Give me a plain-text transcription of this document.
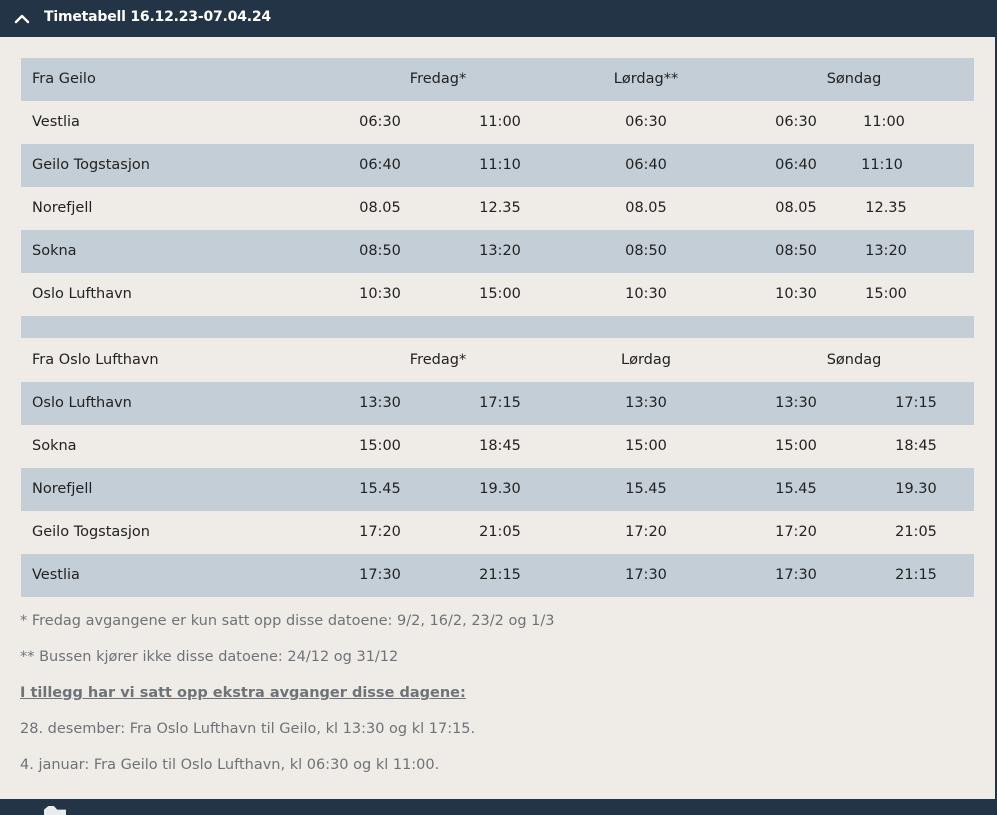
Timetabell 16.12.23-07.04.24
Fra Geilo	Fredag*	Lørdag**	Søndag
Vestlia	06:30	11:00	06:30	06:30	11:00
Geilo Togstasjon	06:40	11:10	06:40	06:40	11:10
Norefjell	08.05	12.35	08.05	08.05	12.35
Sokna	08:50	13:20	08:50	08:50	13:20
Oslo Lufthavn	10:30	15:00	10:30	10:30	15:00
Fra Oslo Lufthavn	Fredag*	Lørdag	Søndag
Oslo Lufthavn	13:30	17:15	13:30	13:30	17:15
Sokna	15:00	18:45	15:00	15:00	18:45
Norefjell	15.45	19.30	15.45	15.45	19.30
Geilo Togstasjon	17:20	21:05	17:20	17:20	21:05
Vestlia	17:30	21:15	17:30	17:30	21:15
* Fredag avgangene er kun satt opp disse datoene: 9/2, 16/2, 23/2 og 1/3
** Bussen kjører ikke disse datoene: 24/12 og 31/12
I tillegg har vi satt opp ekstra avganger disse dagene:
28. desember: Fra Oslo Lufthavn til Geilo, kl 13:30 og kl 17:15.
4. januar: Fra Geilo til Oslo Lufthavn, kl 06:30 og kl 11:00.
